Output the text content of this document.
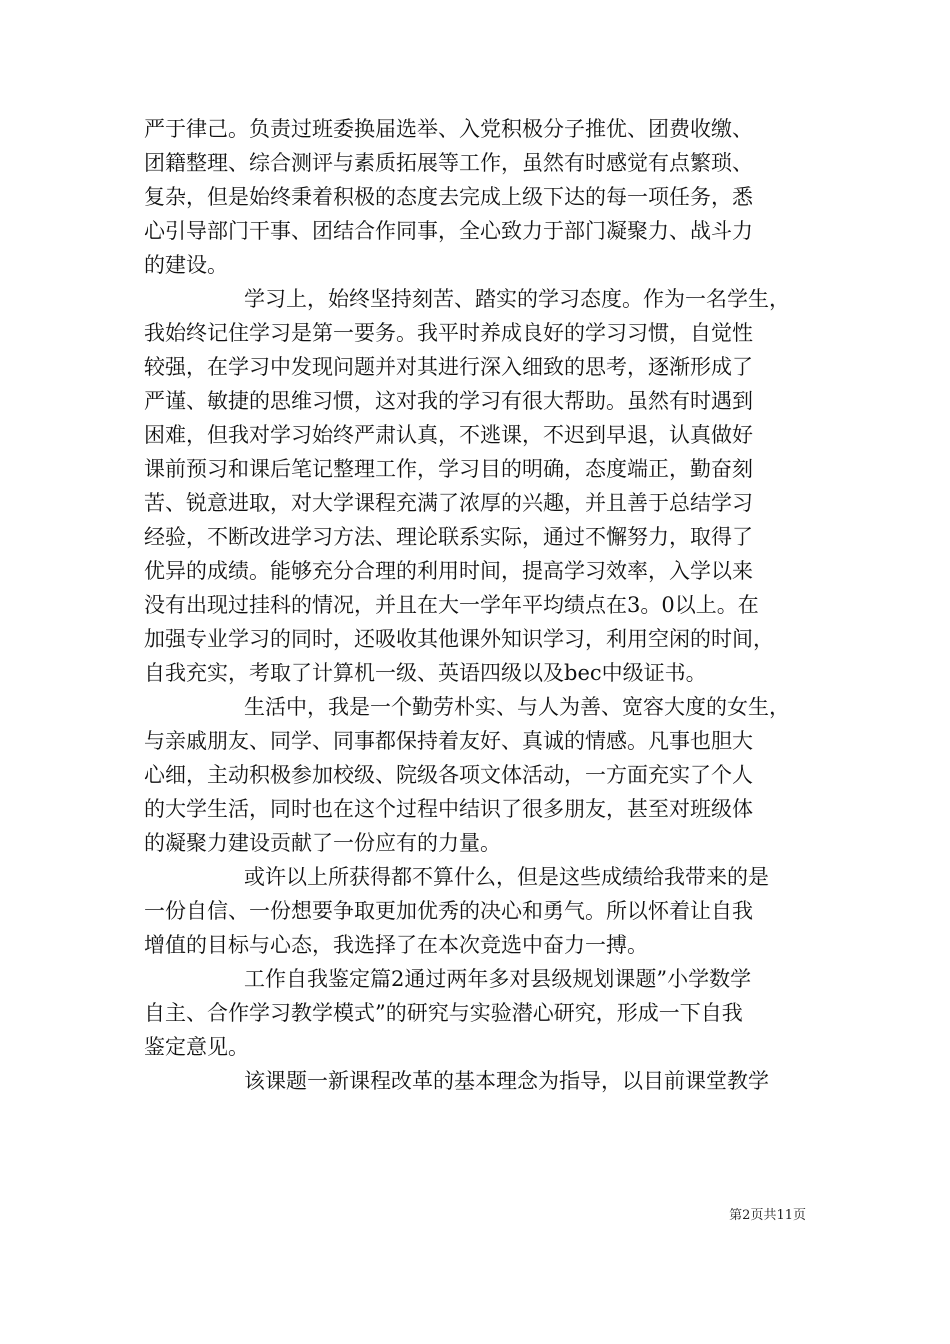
严于律己。负责过班委换届选举、入党积极分子推优、团费收缴、
团籍整理、综合测评与素质拓展等工作，虽然有时感觉有点繁琐、
复杂，但是始终秉着积极的态度去完成上级下达的每一项任务，悉
心引导部门干事、团结合作同事，全心致力于部门凝聚力、战斗力
的建设。
学习上，始终坚持刻苦、踏实的学习态度。作为一名学生，
我始终记住学习是第一要务。我平时养成良好的学习习惯，自觉性
较强，在学习中发现问题并对其进行深入细致的思考，逐渐形成了
严谨、敏捷的思维习惯，这对我的学习有很大帮助。虽然有时遇到
困难，但我对学习始终严肃认真，不逃课，不迟到早退，认真做好
课前预习和课后笔记整理工作，学习目的明确，态度端正，勤奋刻
苦、锐意进取，对大学课程充满了浓厚的兴趣，并且善于总结学习
经验，不断改进学习方法、理论联系实际，通过不懈努力，取得了
优异的成绩。能够充分合理的利用时间，提高学习效率，入学以来
没有出现过挂科的情况，并且在大一学年平均绩点在3。0以上。在
加强专业学习的同时，还吸收其他课外知识学习，利用空闲的时间，
自我充实，考取了计算机一级、英语四级以及bec中级证书。
生活中，我是一个勤劳朴实、与人为善、宽容大度的女生，
与亲戚朋友、同学、同事都保持着友好、真诚的情感。凡事也胆大
心细，主动积极参加校级、院级各项文体活动，一方面充实了个人
的大学生活，同时也在这个过程中结识了很多朋友，甚至对班级体
的凝聚力建设贡献了一份应有的力量。
或许以上所获得都不算什么，但是这些成绩给我带来的是
一份自信、一份想要争取更加优秀的决心和勇气。所以怀着让自我
增值的目标与心态，我选择了在本次竞选中奋力一搏。
工作自我鉴定篇2通过两年多对县级规划课题”小学数学
自主、合作学习教学模式”的研究与实验潜心研究，形成一下自我
鉴定意见。
该课题一新课程改革的基本理念为指导，以目前课堂教学
第2页共11页
